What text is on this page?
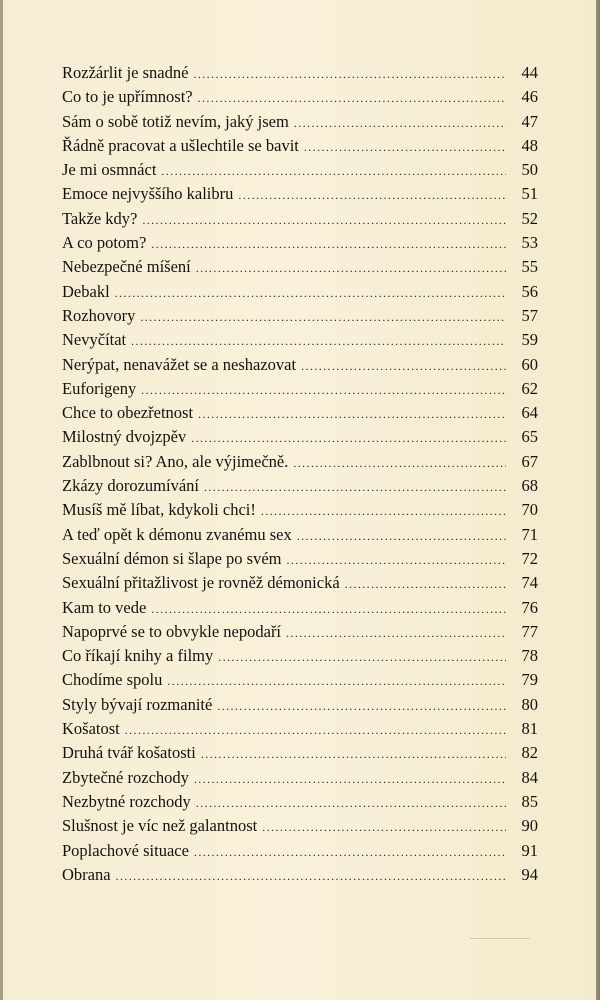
Rozžárlit je snadné .....	44
Co to je upřímnost? .....	46
Sám o sobě totiž nevím, jaký jsem .....	47
Řádně pracovat a ušlechtile se bavit .....	48
Je mi osmnáct .....	50
Emoce nejvyššího kalibru .....	51
Takže kdy? .....	52
A co potom? .....	53
Nebezpečné míšení .....	55
Debakl .....	56
Rozhovory .....	57
Nevyčítat .....	59
Nerýpat, nenavážet se a neshazovat .....	60
Euforigeny .....	62
Chce to obezřetnost .....	64
Milostný dvojzpěv .....	65
Zablbnout si? Ano, ale výjimečně. .....	67
Zkázy dorozumívání .....	68
Musíš mě líbat, kdykoli chci! .....	70
A teď opět k démonu zvanému sex .....	71
Sexuální démon si šlape po svém .....	72
Sexuální přitažlivost je rovněž démonická .....	74
Kam to vede .....	76
Napoprvé se to obvykle nepodaří .....	77
Co říkají knihy a filmy .....	78
Chodíme spolu .....	79
Styly bývají rozmanité .....	80
Košatost .....	81
Druhá tvář košatosti .....	82
Zbytečné rozchody .....	84
Nezbytné rozchody .....	85
Slušnost je víc než galantnost .....	90
Poplachové situace .....	91
Obrana .....	94
